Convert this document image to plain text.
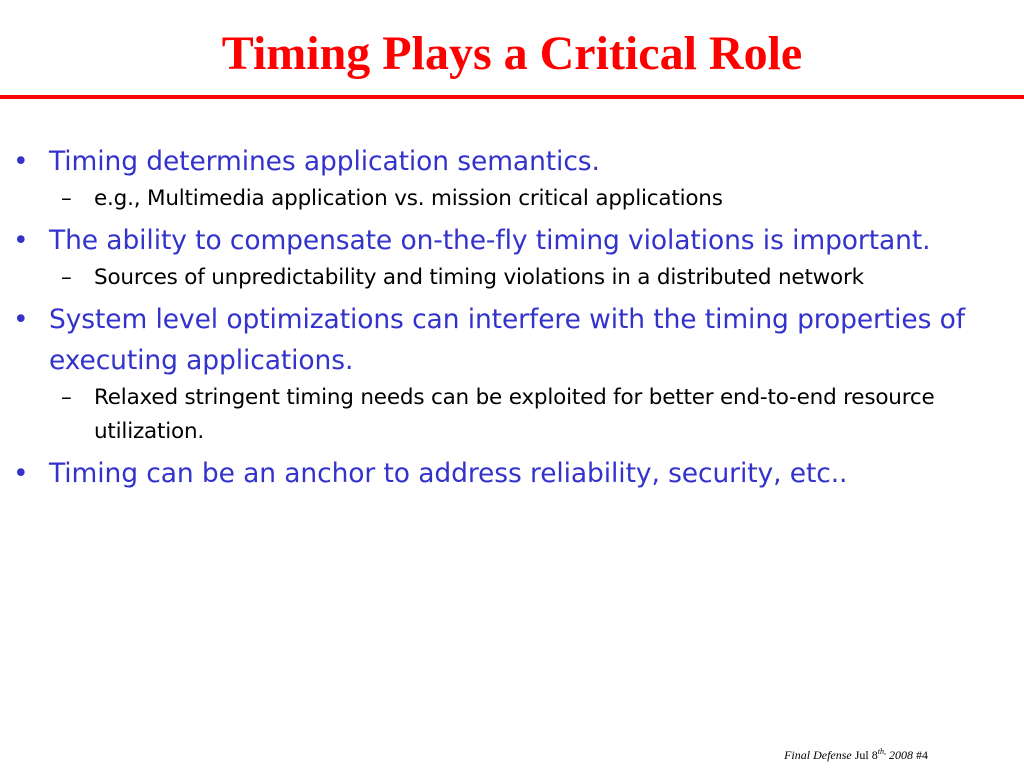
Timing Plays a Critical Role
• Timing determines application semantics.
– e.g., Multimedia application vs. mission critical applications
• The ability to compensate on-the-fly timing violations is important.
– Sources of unpredictability and timing violations in a distributed network
• System level optimizations can interfere with the timing properties of executing applications.
– Relaxed stringent timing needs can be exploited for better end-to-end resource utilization.
• Timing can be an anchor to address reliability, security, etc..
Final Defense Jul $8^{th,}$ 2008 #4
